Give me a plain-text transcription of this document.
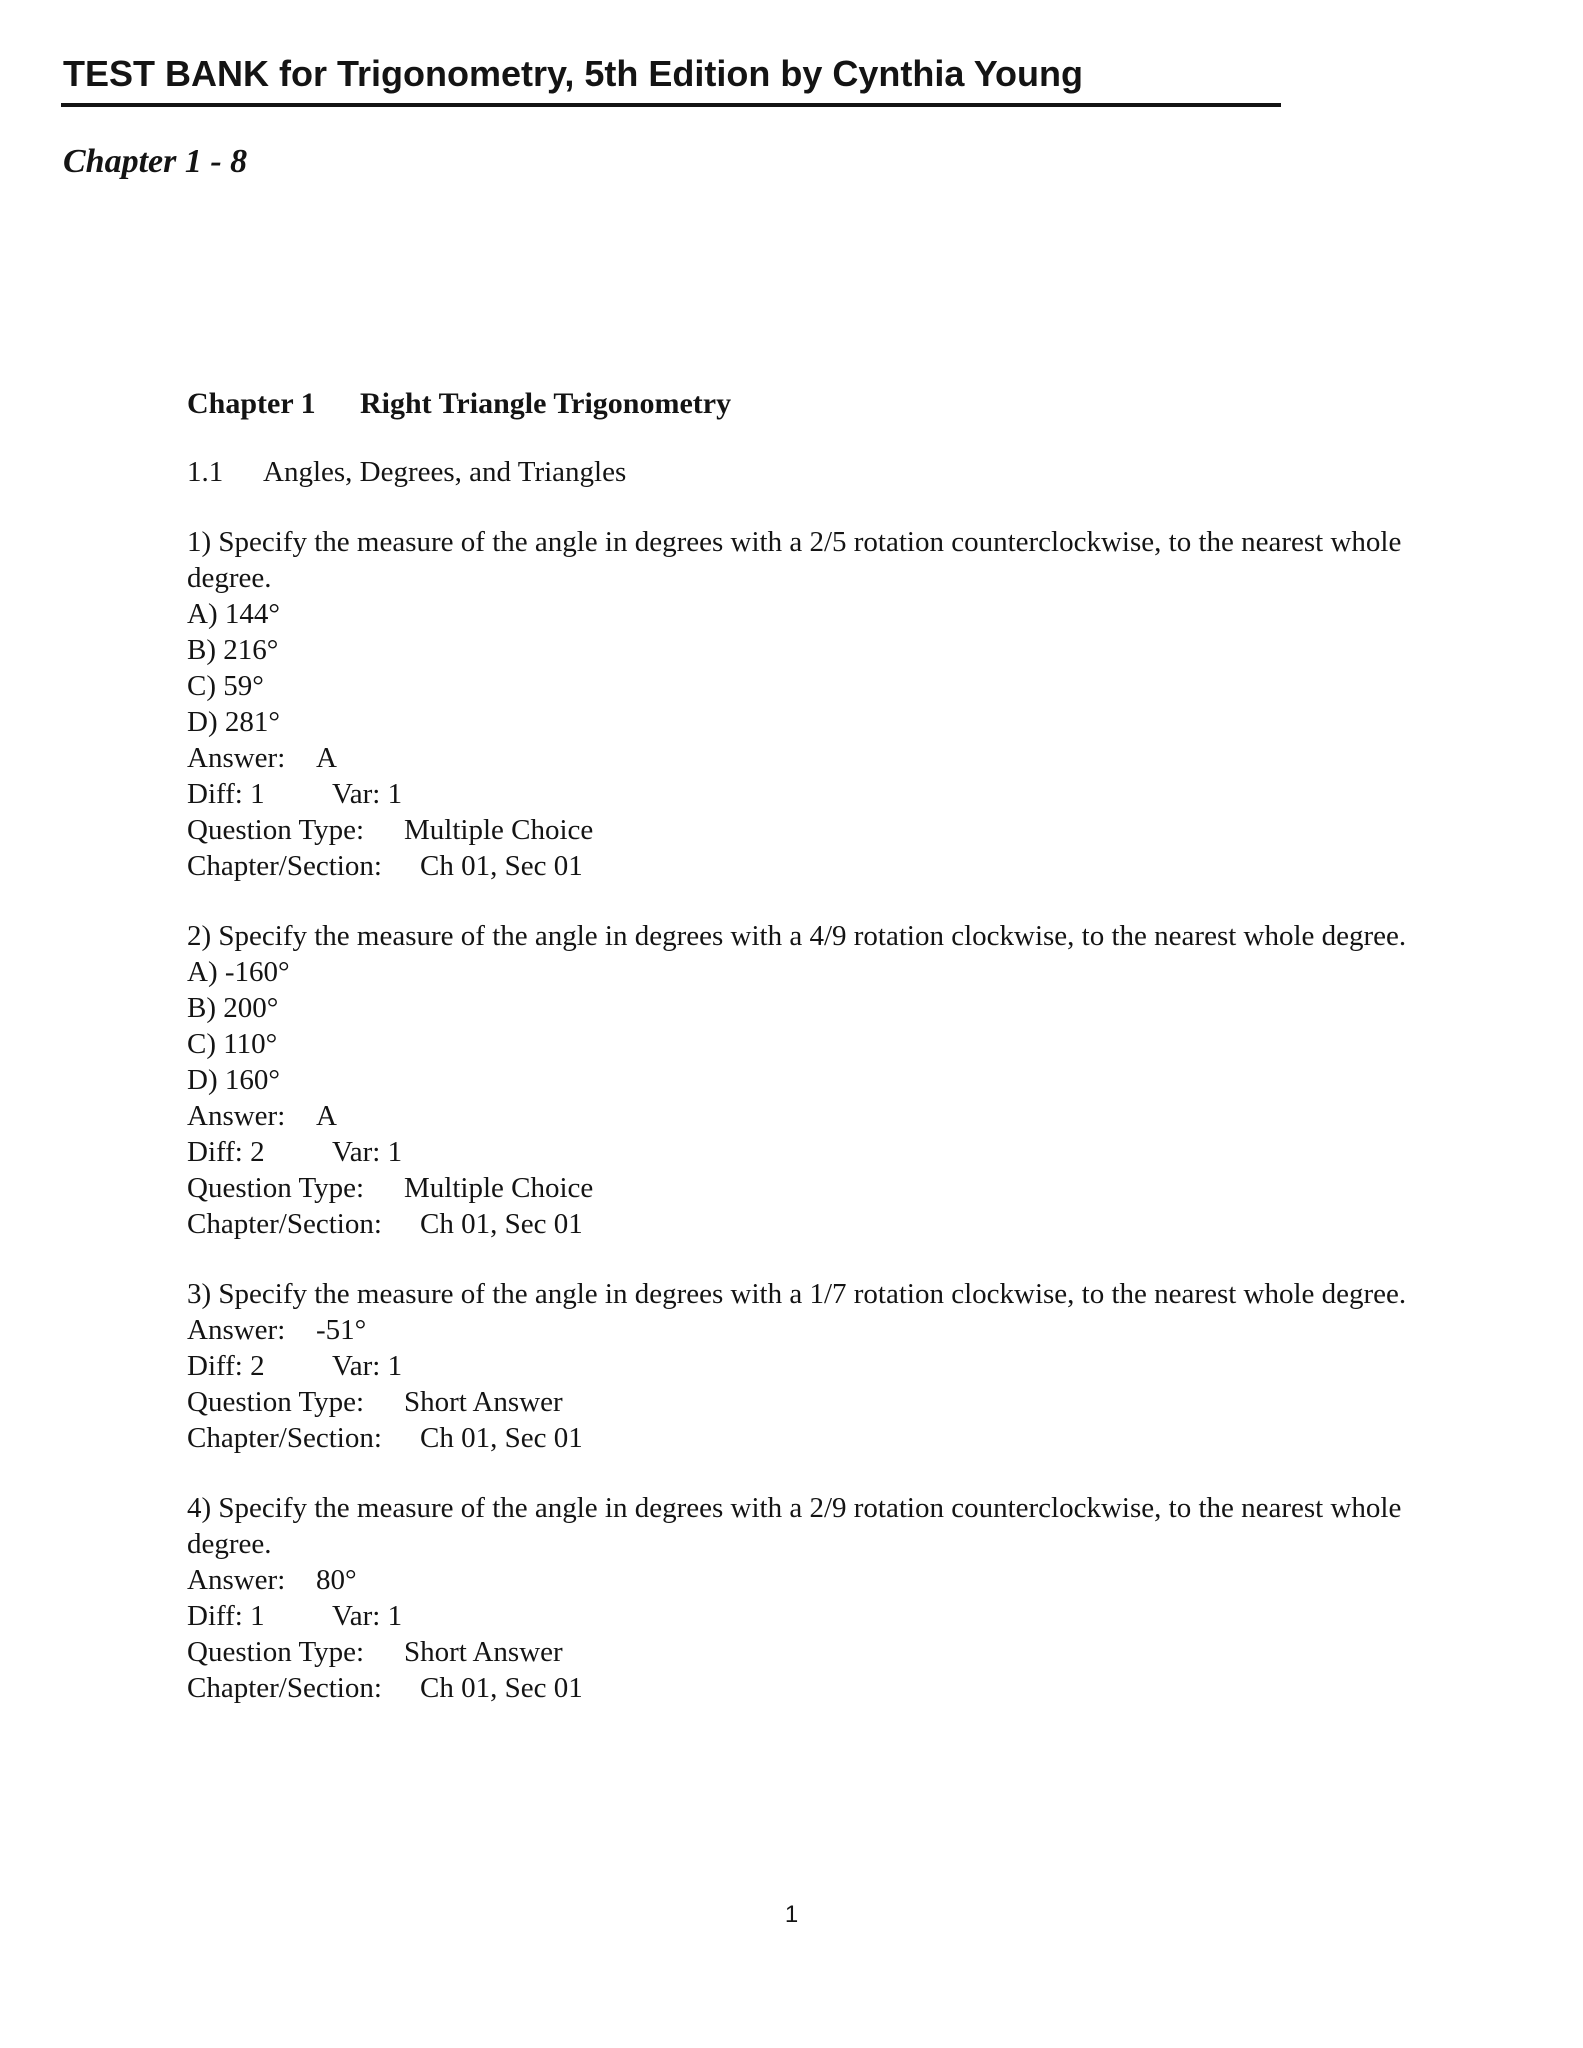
TEST BANK for Trigonometry, 5th Edition by Cynthia Young
Chapter 1 - 8
Chapter 1 Right Triangle Trigonometry
1.1 Angles, Degrees, and Triangles

1) Specify the measure of the angle in degrees with a 2/5 rotation counterclockwise, to the nearest whole degree.

A) 144°

B) 216°

C) 59°

D) 281°

Answer: A

Diff: 1 Var: 1

Question Type: Multiple Choice

Chapter/Section: Ch 01, Sec 01

2) Specify the measure of the angle in degrees with a 4/9 rotation clockwise, to the nearest whole degree.

A) -160°

B) 200°

C) 110°

D) 160°

Answer: A

Diff: 2 Var: 1

Question Type: Multiple Choice

Chapter/Section: Ch 01, Sec 01

3) Specify the measure of the angle in degrees with a 1/7 rotation clockwise, to the nearest whole degree.

Answer: -51°

Diff: 2 Var: 1

Question Type: Short Answer

Chapter/Section: Ch 01, Sec 01

4) Specify the measure of the angle in degrees with a 2/9 rotation counterclockwise, to the nearest whole degree.

Answer: 80°

Diff: 1 Var: 1

Question Type: Short Answer

Chapter/Section: Ch 01, Sec 01

1
